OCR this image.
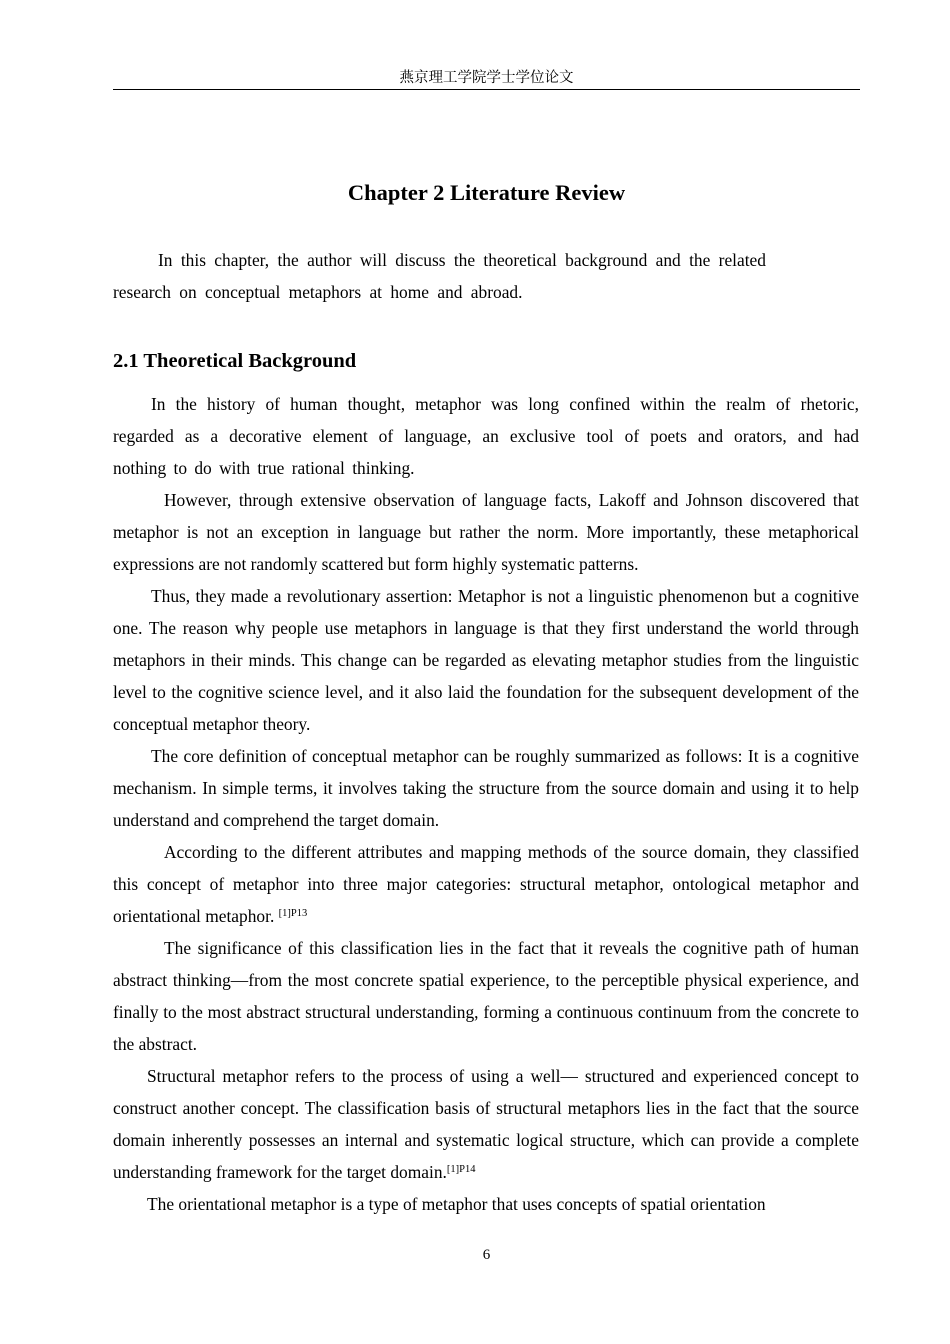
燕京理工学院学士学位论文
Chapter 2 Literature Review
In this chapter, the author will discuss the theoretical background and the related
research on conceptual metaphors at home and abroad.
2.1 Theoretical Background

In the history of human thought, metaphor was long confined within the realm of rhetoric, regarded as a decorative element of language, an exclusive tool of poets and orators, and had nothing to do with true rational thinking.

However, through extensive observation of language facts, Lakoff and Johnson discovered that metaphor is not an exception in language but rather the norm. More importantly, these metaphorical expressions are not randomly scattered but form highly systematic patterns.

Thus, they made a revolutionary assertion: Metaphor is not a linguistic phenomenon but a cognitive one. The reason why people use metaphors in language is that they first understand the world through metaphors in their minds. This change can be regarded as elevating metaphor studies from the linguistic level to the cognitive science level, and it also laid the foundation for the subsequent development of the conceptual metaphor theory.

The core definition of conceptual metaphor can be roughly summarized as follows: It is a cognitive mechanism. In simple terms, it involves taking the structure from the source domain and using it to help understand and comprehend the target domain.

According to the different attributes and mapping methods of the source domain, they classified this concept of metaphor into three major categories: structural metaphor, ontological metaphor and orientational metaphor. $^{[1]P13}$

The significance of this classification lies in the fact that it reveals the cognitive path of human abstract thinking—from the most concrete spatial experience, to the perceptible physical experience, and finally to the most abstract structural understanding, forming a continuous continuum from the concrete to the abstract.

Structural metaphor refers to the process of using a well— structured and experienced concept to construct another concept. The classification basis of structural metaphors lies in the fact that the source domain inherently possesses an internal and systematic logical structure, which can provide a complete understanding framework for the target domain.$^{[1]P14}$

The orientational metaphor is a type of metaphor that uses concepts of spatial orientation

6
